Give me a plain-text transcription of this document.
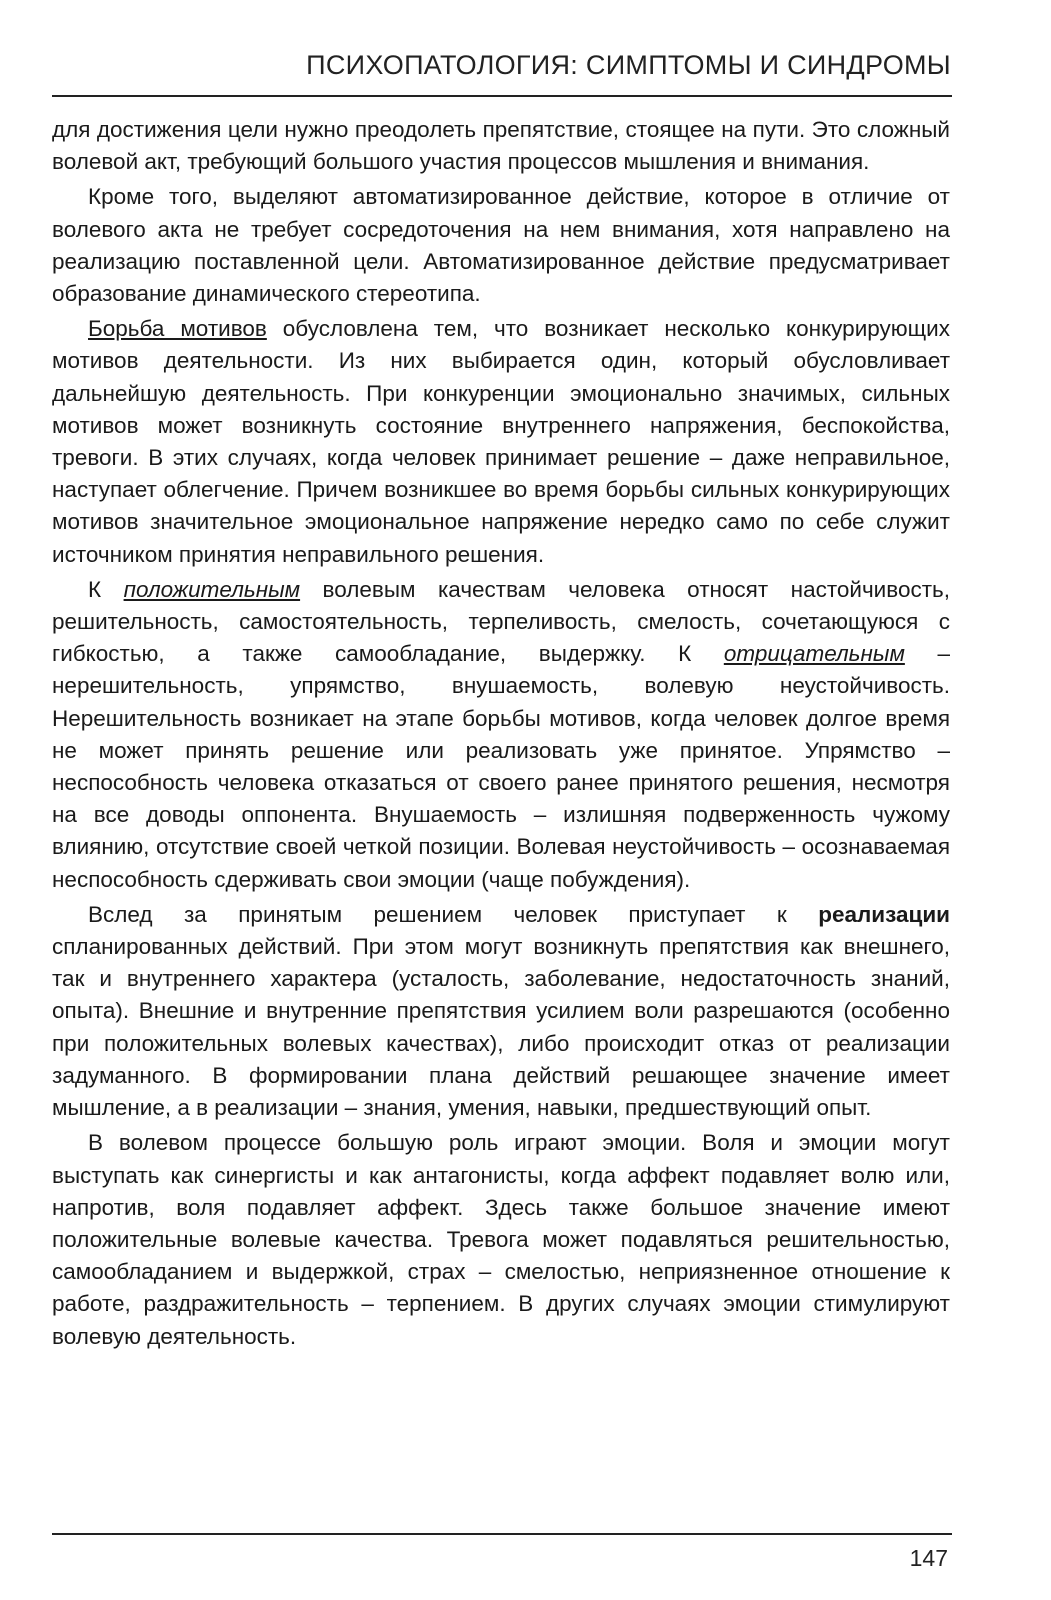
ПСИХОПАТОЛОГИЯ: СИМПТОМЫ И СИНДРОМЫ

для достижения цели нужно преодолеть препятствие, стоящее на пути. Это сложный волевой акт, требующий большого участия процессов мышления и внимания.

Кроме того, выделяют автоматизированное действие, которое в отличие от волевого акта не требует сосредоточения на нем внимания, хотя направлено на реализацию поставленной цели. Автоматизированное действие предусматривает образование динамического стереотипа.

Борьба мотивов обусловлена тем, что возникает несколько конкурирующих мотивов деятельности. Из них выбирается один, который обусловливает дальнейшую деятельность. При конкуренции эмоционально значимых, сильных мотивов может возникнуть состояние внутреннего напряжения, беспокойства, тревоги. В этих случаях, когда человек принимает решение – даже неправильное, наступает облегчение. Причем возникшее во время борьбы сильных конкурирующих мотивов значительное эмоциональное напряжение нередко само по себе служит источником принятия неправильного решения.

К положительным волевым качествам человека относят настойчивость, решительность, самостоятельность, терпеливость, смелость, сочетающуюся с гибкостью, а также самообладание, выдержку. К отрицательным – нерешительность, упрямство, внушаемость, волевую неустойчивость. Нерешительность возникает на этапе борьбы мотивов, когда человек долгое время не может принять решение или реализовать уже принятое. Упрямство – неспособность человека отказаться от своего ранее принятого решения, несмотря на все доводы оппонента. Внушаемость – излишняя подверженность чужому влиянию, отсутствие своей четкой позиции. Волевая неустойчивость – осознаваемая неспособность сдерживать свои эмоции (чаще побуждения).

Вслед за принятым решением человек приступает к реализации спланированных действий. При этом могут возникнуть препятствия как внешнего, так и внутреннего характера (усталость, заболевание, недостаточность знаний, опыта). Внешние и внутренние препятствия усилием воли разрешаются (особенно при положительных волевых качествах), либо происходит отказ от реализации задуманного. В формировании плана действий решающее значение имеет мышление, а в реализации – знания, умения, навыки, предшествующий опыт.

В волевом процессе большую роль играют эмоции. Воля и эмоции могут выступать как синергисты и как антагонисты, когда аффект подавляет волю или, напротив, воля подавляет аффект. Здесь также большое значение имеют положительные волевые качества. Тревога может подавляться решительностью, самообладанием и выдержкой, страх – смелостью, неприязненное отношение к работе, раздражительность – терпением. В других случаях эмоции стимулируют волевую деятельность.

147
